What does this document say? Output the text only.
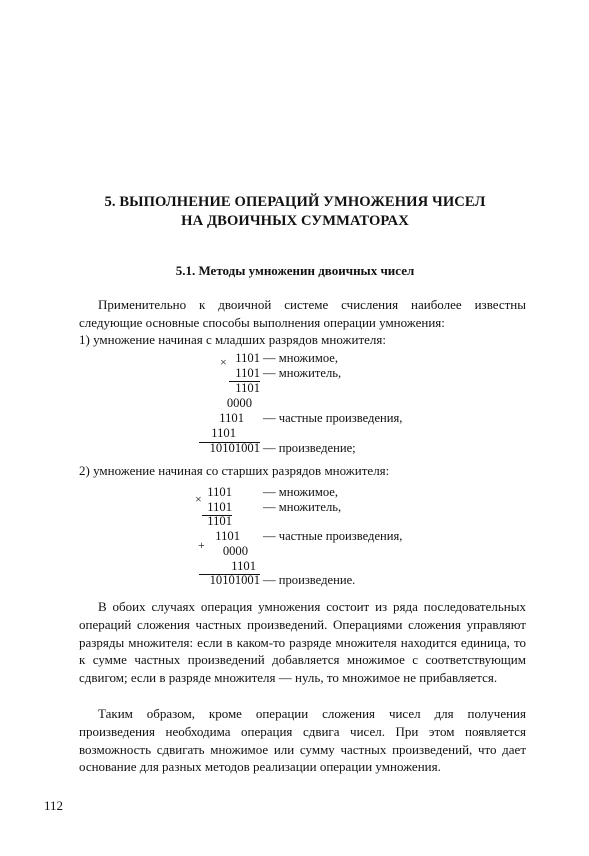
5. ВЫПОЛНЕНИЕ ОПЕРАЦИЙ УМНОЖЕНИЯ ЧИСЕЛ
НА ДВОИЧНЫХ СУММАТОРАХ
5.1. Методы умноженин двоичных чисел

Применительно к двоичной системе счисления наиболее известны следующие основные способы выполнения операции умножения:

1) умножение начиная с младших разрядов множителя:
× 1101 — множимое,
1101 — множитель,
1101
0000
1101 — частные произведения,
1101
10101001 — произведение;
2) умножение начиная со старших разрядов множителя:
× 1101 — множимое,
1101 — множитель,
1101
1101 — частные произведения,
+	0000
1101
10101001 — произведение.

В обоих случаях операция умножения состоит из ряда последовательных операций сложения частных произведений. Операциями сложения управляют разряды множителя: если в каком-то разряде множителя находится единица, то к сумме частных произведений добавляется множимое с соответствующим сдвигом; если в разряде множителя — нуль, то множимое не прибавляется.

Таким образом, кроме операции сложения чисел для получения произведения необходима операция сдвига чисел. При этом появляется возможность сдвигать множимое или сумму частных произведений, что дает основание для разных методов реализации операции умножения.

112
